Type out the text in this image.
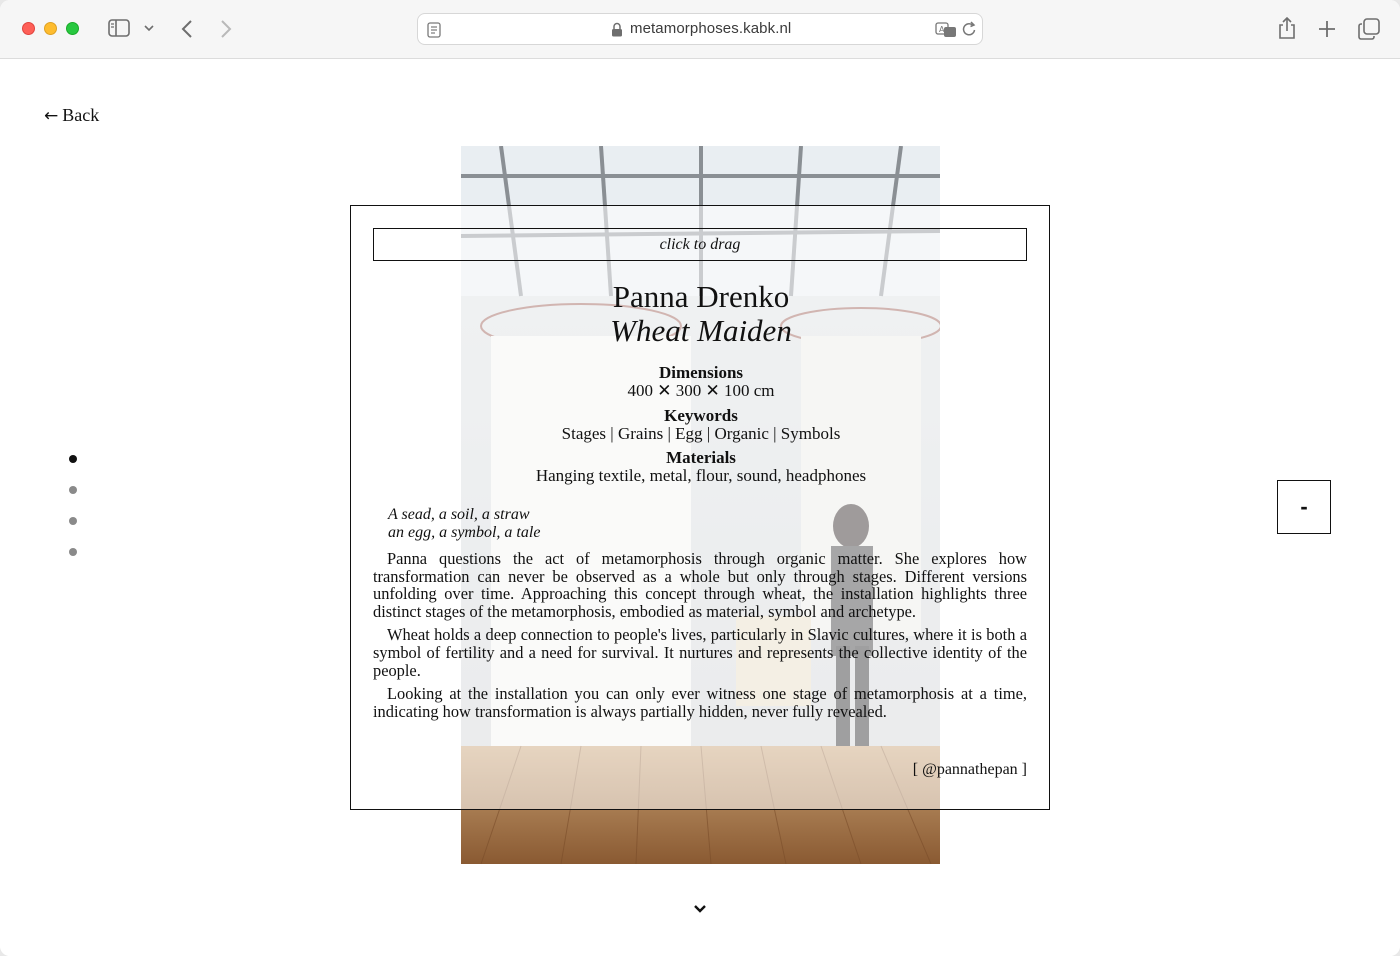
metamorphoses.kabk.nl	A
← Back
-
click to drag
Panna Drenko
Wheat Maiden
Dimensions
400 ✕ 300 ✕ 100 cm
Keywords
Stages | Grains | Egg | Organic | Symbols
Materials
Hanging textile, metal, flour, sound, headphones
A sead, a soil, a straw
an egg, a symbol, a tale

Panna questions the act of metamorphosis through organic matter. She explores how transformation can never be observed as a whole but only through stages. Different versions unfolding over time. Approaching this concept through wheat, the installation highlights three distinct stages of the metamorphosis, embodied as material, symbol and archetype.

Wheat holds a deep connection to people's lives, particularly in Slavic cultures, where it is both a symbol of fertility and a need for survival. It nurtures and represents the collective identity of the people.

Looking at the installation you can only ever witness one stage of metamorphosis at a time, indicating how transformation is always partially hidden, never fully revealed.

[ @pannathepan ]
